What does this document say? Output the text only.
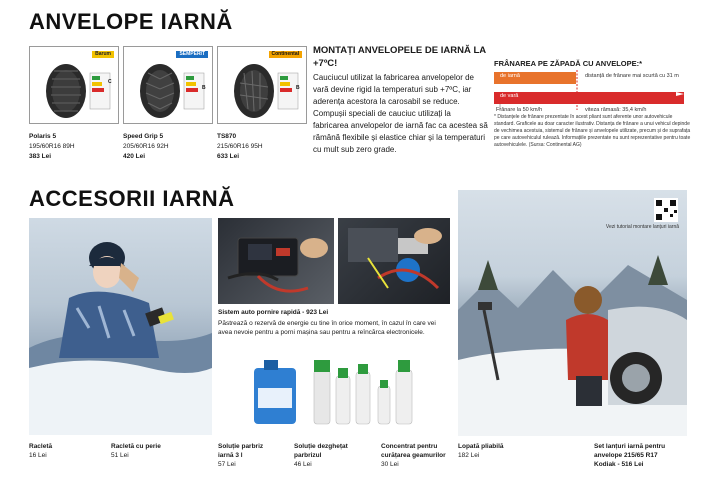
ANVELOPE IARNĂ
Barum
C
SEMPERIT
B
Continental
B
Polaris 5
195/60R16 89H
383 Lei
Speed Grip 5
205/60R16 92H
420 Lei
TS870
215/60R16 95H
633 Lei
MONTAȚI ANVELOPELE DE IARNĂ LA +7ºC!
Cauciucul utilizat la fabricarea anvelopelor de vară devine rigid la temperaturi sub +7ºC, iar aderența acestora la carosabil se reduce. Compușii speciali de cauciuc utilizați la fabricarea anvelopelor de iarnă fac ca acestea să rămână flexibile și elastice chiar și la temperaturi cu mult sub zero grade.
FRÂNAREA PE ZĂPADĂ CU ANVELOPE:*
de iarnă
de vară
distanță de frânare mai scurtă cu 31 m
Frânare la 50 km/h	viteza rămasă: 35,4 km/h
* Distanțele de frânare prezentate în acest pliant sunt aferente unor autovehicule standard. Graficele au doar caracter ilustrativ. Distanța de frânare a unui vehicul depinde de vechimea acestuia, sistemul de frânare și anvelopele utilizate, precum și de suprafața pe care autovehiculul rulează. Informațiile prezentate nu sunt reprezentative pentru toate autovehiculele. (Sursa: Continental AG)
ACCESORII IARNĂ
Sistem auto pornire rapidă - 923 Lei
Păstrează o rezervă de energie cu tine în orice moment, în cazul în care vei avea nevoie pentru a porni mașina sau pentru a reîncărca electronicele.
Vezi tutorial montare lanțuri iarnă
Racletă
16 Lei
Racletă cu perie
51 Lei
Soluție parbriz iarnă 3 l
57 Lei
Soluție dezghețat parbrizul
46 Lei
Concentrat pentru curățarea geamurilor
30 Lei
Lopată pliabilă
182 Lei
Set lanțuri iarnă pentru anvelope 215/65 R17
Kodiak - 516 Lei
